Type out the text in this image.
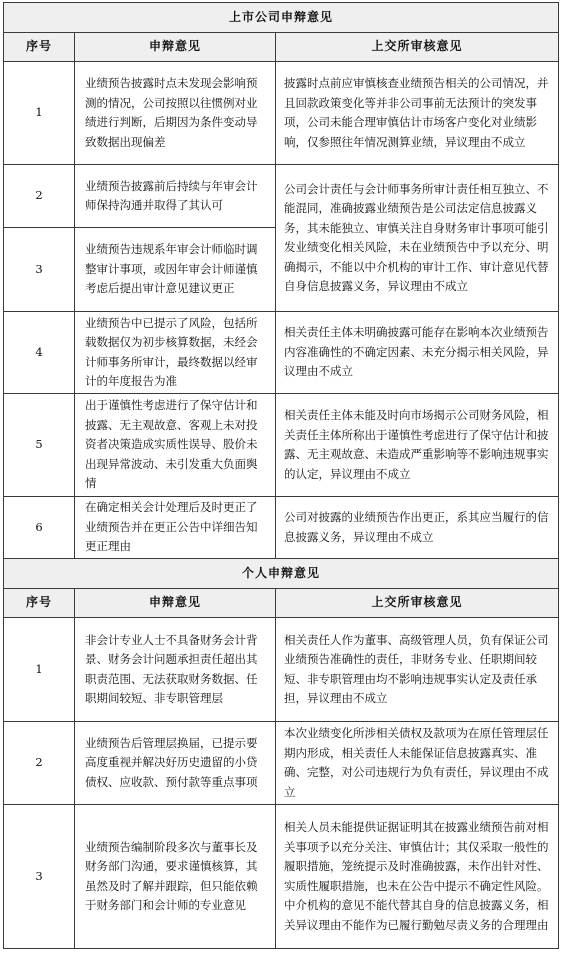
上市公司申辩意见		
序号	申辩意见	上交所审核意见
1	业绩预告披露时点未发现会影响预测的情况，公司按照以往惯例对业绩进行判断，后期因为条件变动导致数据出现偏差	披露时点前应审慎核查业绩预告相关的公司情况，并且回款政策变化等并非公司事前无法预计的突发事项，公司未能合理审慎估计市场客户变化对业绩影响，仅参照往年情况测算业绩，异议理由不成立
2	业绩预告披露前后持续与年审会计师保持沟通并取得了其认可	公司会计责任与会计师事务所审计责任相互独立、不能混同，准确披露业绩预告是公司法定信息披露义务，其未能独立、审慎关注自身财务审计事项可能引发业绩变化相关风险，未在业绩预告中予以充分、明确揭示，不能以中介机构的审计工作、审计意见代替自身信息披露义务，异议理由不成立
3	业绩预告违规系年审会计师临时调整审计事项，或因年审会计师谨慎考虑后提出审计意见建议更正	
4	业绩预告中已提示了风险，包括所载数据仅为初步核算数据，未经会计师事务所审计，最终数据以经审计的年度报告为准	相关责任主体未明确披露可能存在影响本次业绩预告内容准确性的不确定因素、未充分揭示相关风险，异议理由不成立
5	出于谨慎性考虑进行了保守估计和披露、无主观故意、客观上未对投资者决策造成实质性误导、股价未出现异常波动、未引发重大负面舆情	相关责任主体未能及时向市场揭示公司财务风险，相关责任主体所称出于谨慎性考虑进行了保守估计和披露、无主观故意、未造成严重影响等不影响违规事实的认定，异议理由不成立
6	在确定相关会计处理后及时更正了业绩预告并在更正公告中详细告知更正理由	公司对披露的业绩预告作出更正，系其应当履行的信息披露义务，异议理由不成立
个人申辩意见		
序号	申辩意见	上交所审核意见
1	非会计专业人士不具备财务会计背景、财务会计问题承担责任超出其职责范围、无法获取财务数据、任职期间较短、非专职管理层	相关责任人作为董事、高级管理人员，负有保证公司业绩预告准确性的责任，非财务专业、任职期间较短、非专职管理由均不影响违规事实认定及责任承担，异议理由不成立
2	业绩预告后管理层换届，已提示要高度重视并解决好历史遗留的小贷债权、应收款、预付款等重点事项	本次业绩变化所涉相关债权及款项为在原任管理层任期内形成，相关责任人未能保证信息披露真实、准确、完整，对公司违规行为负有责任，异议理由不成立
3	业绩预告编制阶段多次与董事长及财务部门沟通，要求谨慎核算，其虽然及时了解并跟踪，但只能依赖于财务部门和会计师的专业意见	相关人员未能提供证据证明其在披露业绩预告前对相关事项予以充分关注、审慎估计；其仅采取一般性的履职措施，笼统提示及时准确披露，未作出针对性、实质性履职措施，也未在公告中提示不确定性风险。中介机构的意见不能代替其自身的信息披露义务，相关异议理由不能作为已履行勤勉尽责义务的合理理由
